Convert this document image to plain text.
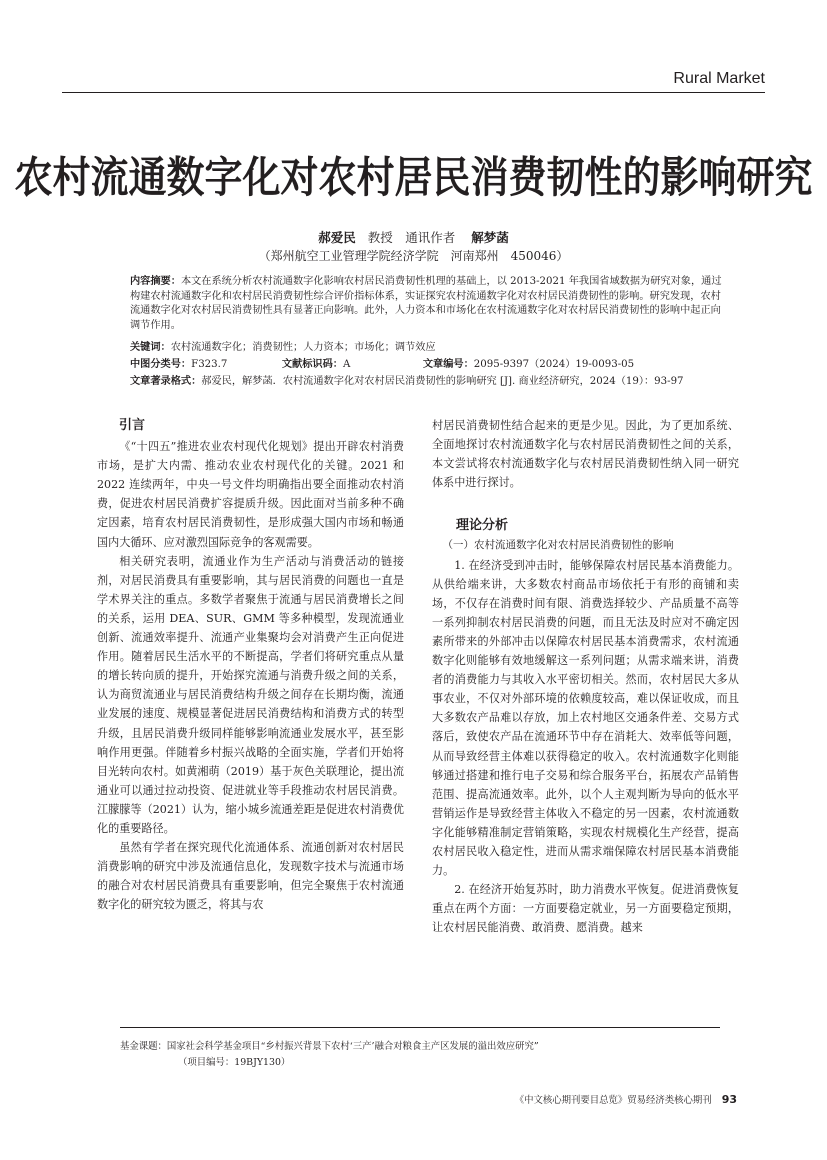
Rural Market
农村流通数字化对农村居民消费韧性的影响研究
郝爱民 教授　通讯作者 解梦菡
（郑州航空工业管理学院经济学院　河南郑州　450046）
内容摘要：本文在系统分析农村流通数字化影响农村居民消费韧性机理的基础上，以 2013-2021 年我国省域数据为研究对象，通过构建农村流通数字化和农村居民消费韧性综合评价指标体系，实证探究农村流通数字化对农村居民消费韧性的影响。研究发现，农村流通数字化对农村居民消费韧性具有显著正向影响。此外，人力资本和市场化在农村流通数字化对农村居民消费韧性的影响中起正向调节作用。
关键词：农村流通数字化；消费韧性；人力资本；市场化；调节效应
中图分类号：F323.7	文献标识码：A	文章编号：2095-9397（2024）19-0093-05
文章著录格式：郝爱民，解梦菡．农村流通数字化对农村居民消费韧性的影响研究 [J]. 商业经济研究，2024（19）：93-97
引言

《“十四五”推进农业农村现代化规划》提出开辟农村消费市场，是扩大内需、推动农业农村现代化的关键。2021 和 2022 连续两年，中央一号文件均明确指出要全面推动农村消费，促进农村居民消费扩容提质升级。因此面对当前多种不确定因素，培育农村居民消费韧性，是形成强大国内市场和畅通国内大循环、应对激烈国际竞争的客观需要。

相关研究表明，流通业作为生产活动与消费活动的链接剂，对居民消费具有重要影响，其与居民消费的问题也一直是学术界关注的重点。多数学者聚焦于流通与居民消费增长之间的关系，运用 DEA、SUR、GMM 等多种模型，发现流通业创新、流通效率提升、流通产业集聚均会对消费产生正向促进作用。随着居民生活水平的不断提高，学者们将研究重点从量的增长转向质的提升，开始探究流通与消费升级之间的关系，认为商贸流通业与居民消费结构升级之间存在长期均衡，流通业发展的速度、规模显著促进居民消费结构和消费方式的转型升级，且居民消费升级同样能够影响流通业发展水平，甚至影响作用更强。伴随着乡村振兴战略的全面实施，学者们开始将目光转向农村。如黄湘萌（2019）基于灰色关联理论，提出流通业可以通过拉动投资、促进就业等手段推动农村居民消费。江朦朦等（2021）认为，缩小城乡流通差距是促进农村消费优化的重要路径。

虽然有学者在探究现代化流通体系、流通创新对农村居民消费影响的研究中涉及流通信息化，发现数字技术与流通市场的融合对农村居民消费具有重要影响，但完全聚焦于农村流通数字化的研究较为匮乏，将其与农

村居民消费韧性结合起来的更是少见。因此，为了更加系统、全面地探讨农村流通数字化与农村居民消费韧性之间的关系，本文尝试将农村流通数字化与农村居民消费韧性纳入同一研究体系中进行探讨。

理论分析
（一）农村流通数字化对农村居民消费韧性的影响

1. 在经济受到冲击时，能够保障农村居民基本消费能力。从供给端来讲，大多数农村商品市场依托于有形的商铺和卖场，不仅存在消费时间有限、消费选择较少、产品质量不高等一系列抑制农村居民消费的问题，而且无法及时应对不确定因素所带来的外部冲击以保障农村居民基本消费需求，农村流通数字化则能够有效地缓解这一系列问题；从需求端来讲，消费者的消费能力与其收入水平密切相关。然而，农村居民大多从事农业，不仅对外部环境的依赖度较高，难以保证收成，而且大多数农产品难以存放，加上农村地区交通条件差、交易方式落后，致使农产品在流通环节中存在消耗大、效率低等问题，从而导致经营主体难以获得稳定的收入。农村流通数字化则能够通过搭建和推行电子交易和综合服务平台，拓展农产品销售范围、提高流通效率。此外，以个人主观判断为导向的低水平营销运作是导致经营主体收入不稳定的另一因素，农村流通数字化能够精准制定营销策略，实现农村规模化生产经营，提高农村居民收入稳定性，进而从需求端保障农村居民基本消费能力。

2. 在经济开始复苏时，助力消费水平恢复。促进消费恢复重点在两个方面：一方面要稳定就业，另一方面要稳定预期，让农村居民能消费、敢消费、愿消费。越来

基金课题：国家社会科学基金项目“乡村振兴背景下农村‘三产’融合对粮食主产区发展的溢出效应研究”
（项目编号：19BJY130）
《中文核心期刊要目总览》贸易经济类核心期刊 93
